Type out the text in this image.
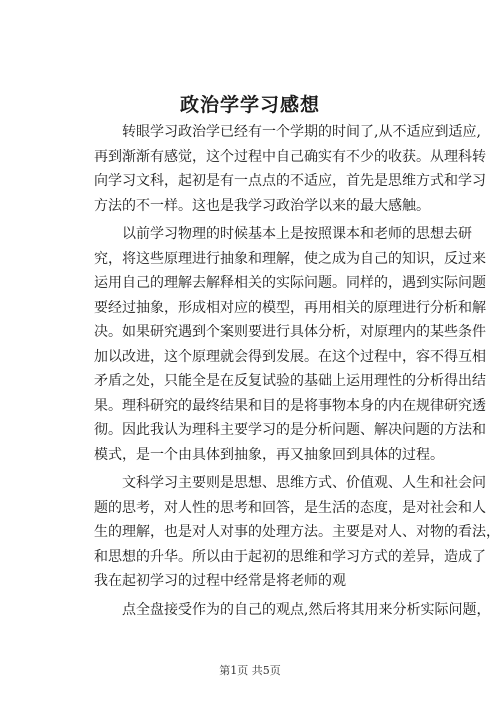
政治学学习感想

转眼学习政治学已经有一个学期的时间了,从不适应到适应,
再到渐渐有感觉，这个过程中自己确实有不少的收获。从理科转
向学习文科，起初是有一点点的不适应，首先是思维方式和学习
方法的不一样。这也是我学习政治学以来的最大感触。

以前学习物理的时候基本上是按照课本和老师的思想去研
究，将这些原理进行抽象和理解，使之成为自己的知识，反过来
运用自己的理解去解释相关的实际问题。同样的，遇到实际问题
要经过抽象，形成相对应的模型，再用相关的原理进行分析和解
决。如果研究遇到个案则要进行具体分析，对原理内的某些条件
加以改进，这个原理就会得到发展。在这个过程中，容不得互相
矛盾之处，只能全是在反复试验的基础上运用理性的分析得出结
果。理科研究的最终结果和目的是将事物本身的内在规律研究透
彻。因此我认为理科主要学习的是分析问题、解决问题的方法和
模式，是一个由具体到抽象，再又抽象回到具体的过程。

文科学习主要则是思想、思维方式、价值观、人生和社会问
题的思考，对人性的思考和回答，是生活的态度，是对社会和人
生的理解，也是对人对事的处理方法。主要是对人、对物的看法，
和思想的升华。所以由于起初的思维和学习方式的差异，造成了
我在起初学习的过程中经常是将老师的观

点全盘接受作为的自己的观点,然后将其用来分析实际问题，

第1页 共5页
